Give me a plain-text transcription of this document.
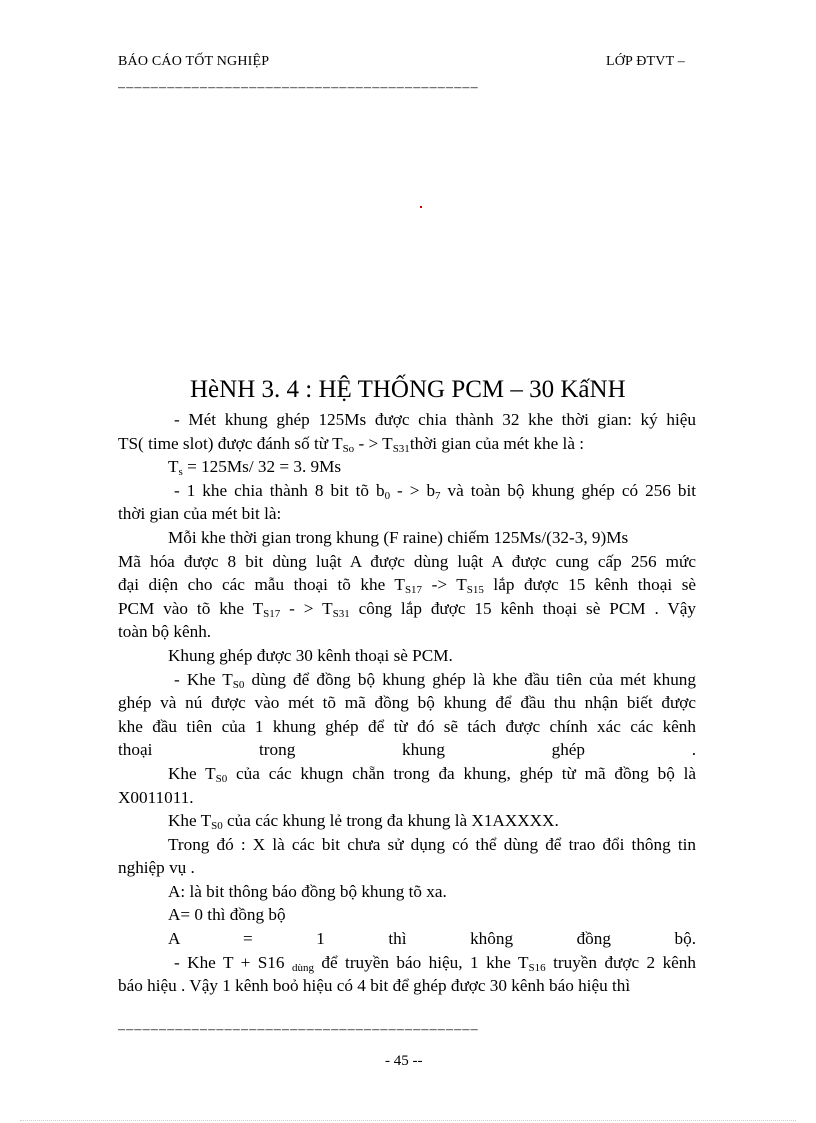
BÁO CÁO TỐT NGHIỆP	LỚP ĐTVT –
––––––––––––––––––––––––––––––––––––––––––––
HèNH 3. 4 : HỆ THỐNG PCM – 30 KấNH

- Mét khung ghép 125Ms được chia thành 32 khe thời gian: ký hiệu

TS( time slot) được đánh số từ $T_{So}$ - > $T_{S31}thời$ gian của mét khe là :

$T_s = 125Ms/$ 32 = 3. 9Ms

- 1 khe chia thành 8 bit tõ $b_0$ - > $b_7$ và toàn bộ khung ghép có 256 bit

thời gian của mét bit là:

Mỗi khe thời gian trong khung (F raine) chiếm 125Ms/(32-3, 9)Ms

Mã hóa được 8 bit dùng luật A được dùng luật A được cung cấp 256 mức

đại diện cho các mẫu thoại tõ khe $T_{S17} -> T_{S15}$ lắp được 15 kênh thoại sè

PCM vào tõ khe $T_{S17}$ - > $T_{S31}$ công lắp được 15 kênh thoại sè PCM . Vậy

toàn bộ kênh.

Khung ghép được 30 kênh thoại sè PCM.

- Khe $T_{S0}$ dùng để đồng bộ khung ghép là khe đầu tiên của mét khung

ghép và nú được vào mét tõ mã đồng bộ khung để đầu thu nhận biết được

khe đầu tiên của 1 khung ghép để từ đó sẽ tách được chính xác các kênh

thoại trong khung ghép .

Khe $T_{S0}$ của các khugn chẵn trong đa khung, ghép từ mã đồng bộ là

X0011011.

Khe $T_{S0}$ của các khung lẻ trong đa khung là X1AXXXX.

Trong đó : X là các bit chưa sử dụng có thể dùng để trao đổi thông tin

nghiệp vụ .

A: là bit thông báo đồng bộ khung tõ xa.

A= 0 thì đồng bộ

A = 1 thì không đồng bộ.

- Khe T + S16 $_{dùng}$ để truyền báo hiệu, 1 khe $T_{S16}$ truyền được 2 kênh

báo hiệu . Vậy 1 kênh boỏ hiệu có 4 bit để ghép được 30 kênh báo hiệu thì

––––––––––––––––––––––––––––––––––––––––––––
- 45 --
